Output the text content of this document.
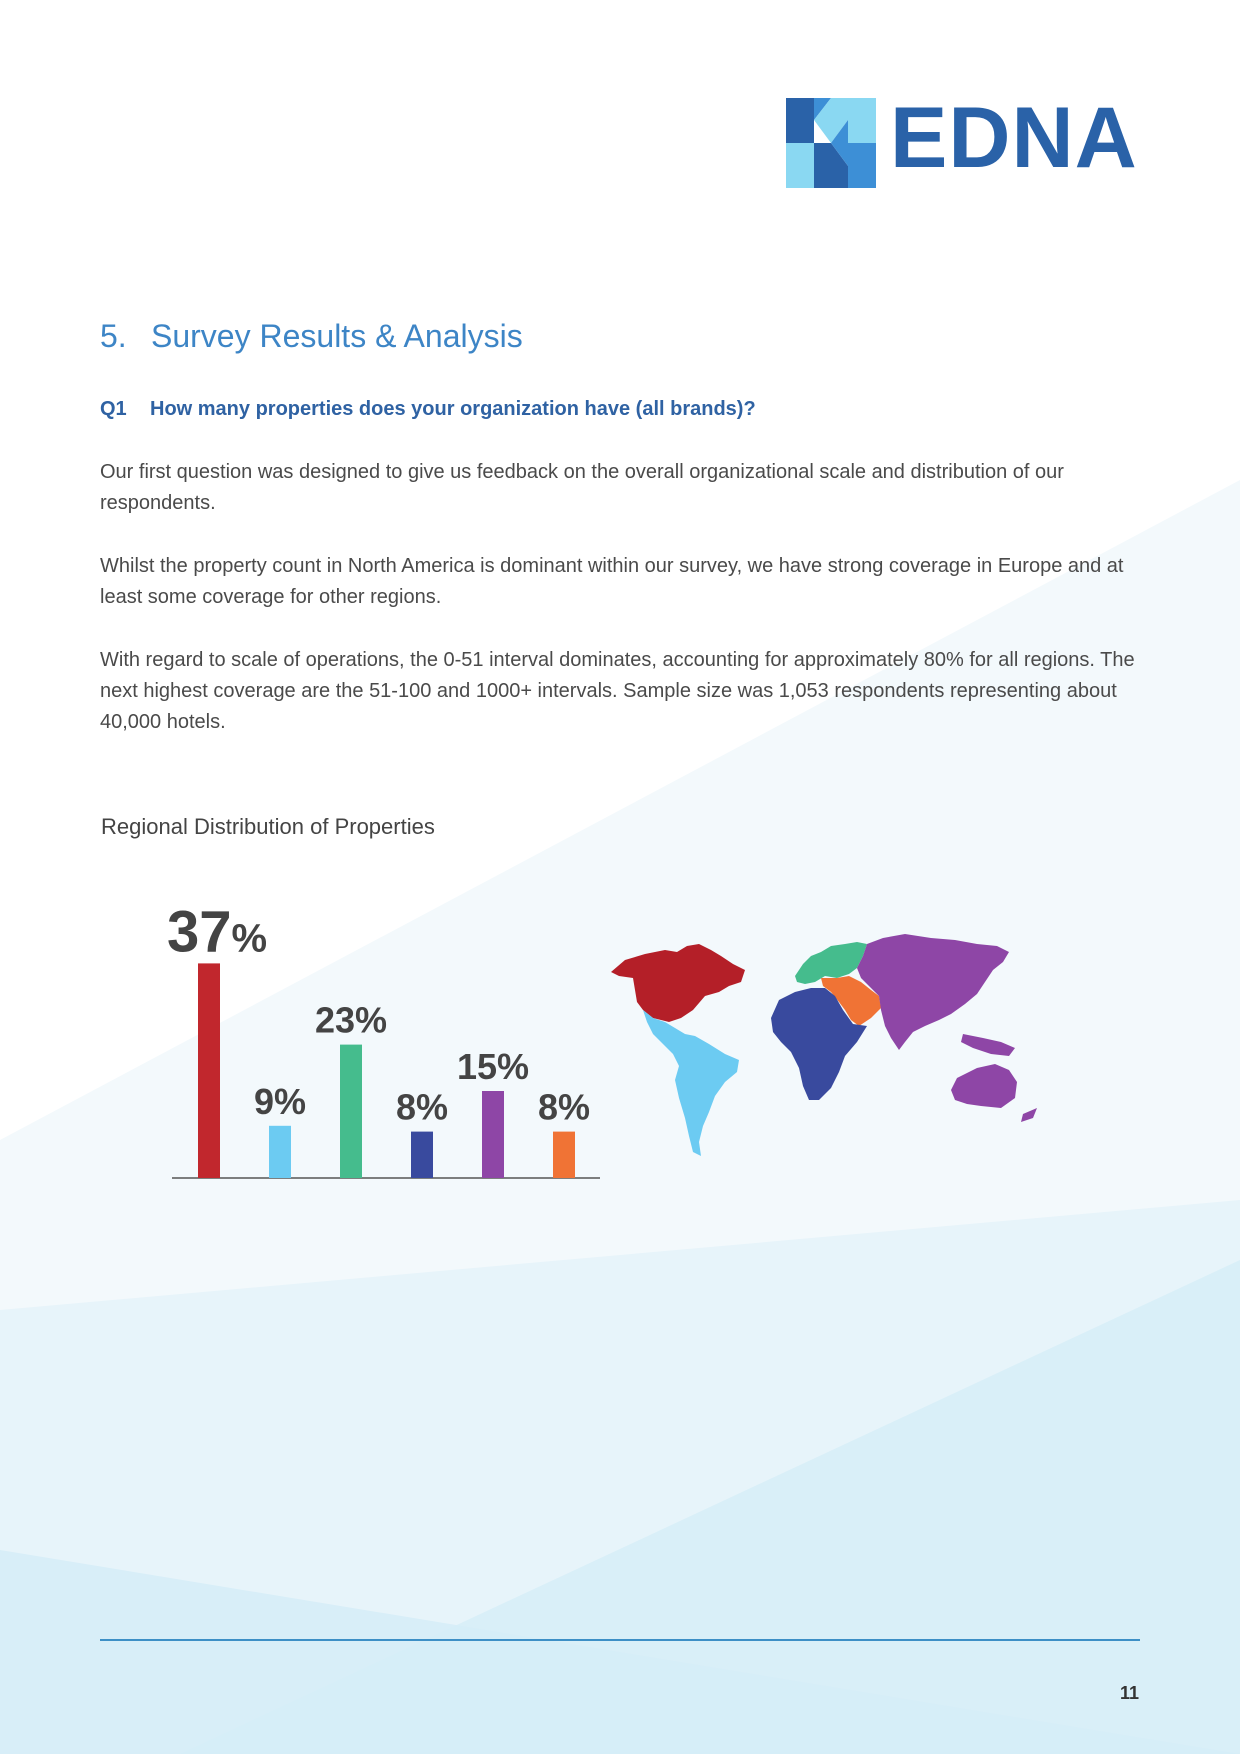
EDNA
5. Survey Results & Analysis
Q1 How many properties does your organization have (all brands)?

Our first question was designed to give us feedback on the overall organizational scale and distribution of our respondents.

Whilst the property count in North America is dominant within our survey, we have strong coverage in Europe and at least some coverage for other regions.

With regard to scale of operations, the 0-51 interval dominates, accounting for approximately 80% for all regions. The next highest coverage are the 51-100 and 1000+ intervals. Sample size was 1,053 respondents representing about 40,000 hotels.

Regional Distribution of Properties
37%
9%
23%
8%
15%
8%
11
